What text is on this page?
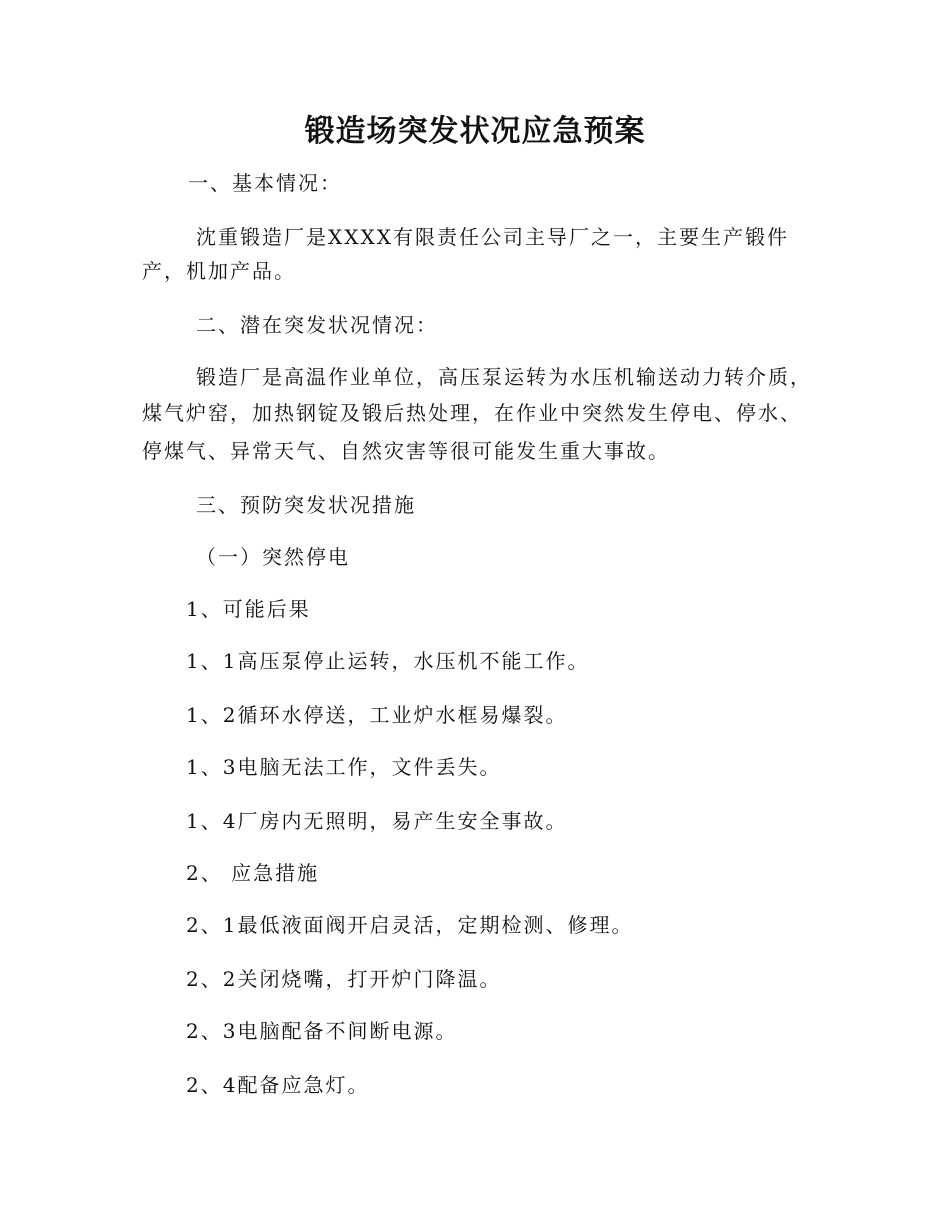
锻造场突发状况应急预案
一、基本情况：
沈重锻造厂是XXXX有限责任公司主导厂之一，主要生产锻件
产，机加产品。
二、潜在突发状况情况：
锻造厂是高温作业单位，高压泵运转为水压机输送动力转介质，
煤气炉窑，加热钢锭及锻后热处理，在作业中突然发生停电、停水、
停煤气、异常天气、自然灾害等很可能发生重大事故。
三、预防突发状况措施
（一）突然停电
1、可能后果
1、1高压泵停止运转，水压机不能工作。
1、2循环水停送，工业炉水框易爆裂。
1、3电脑无法工作，文件丢失。
1、4厂房内无照明，易产生安全事故。
2、 应急措施
2、1最低液面阀开启灵活，定期检测、修理。
2、2关闭烧嘴，打开炉门降温。
2、3电脑配备不间断电源。
2、4配备应急灯。
